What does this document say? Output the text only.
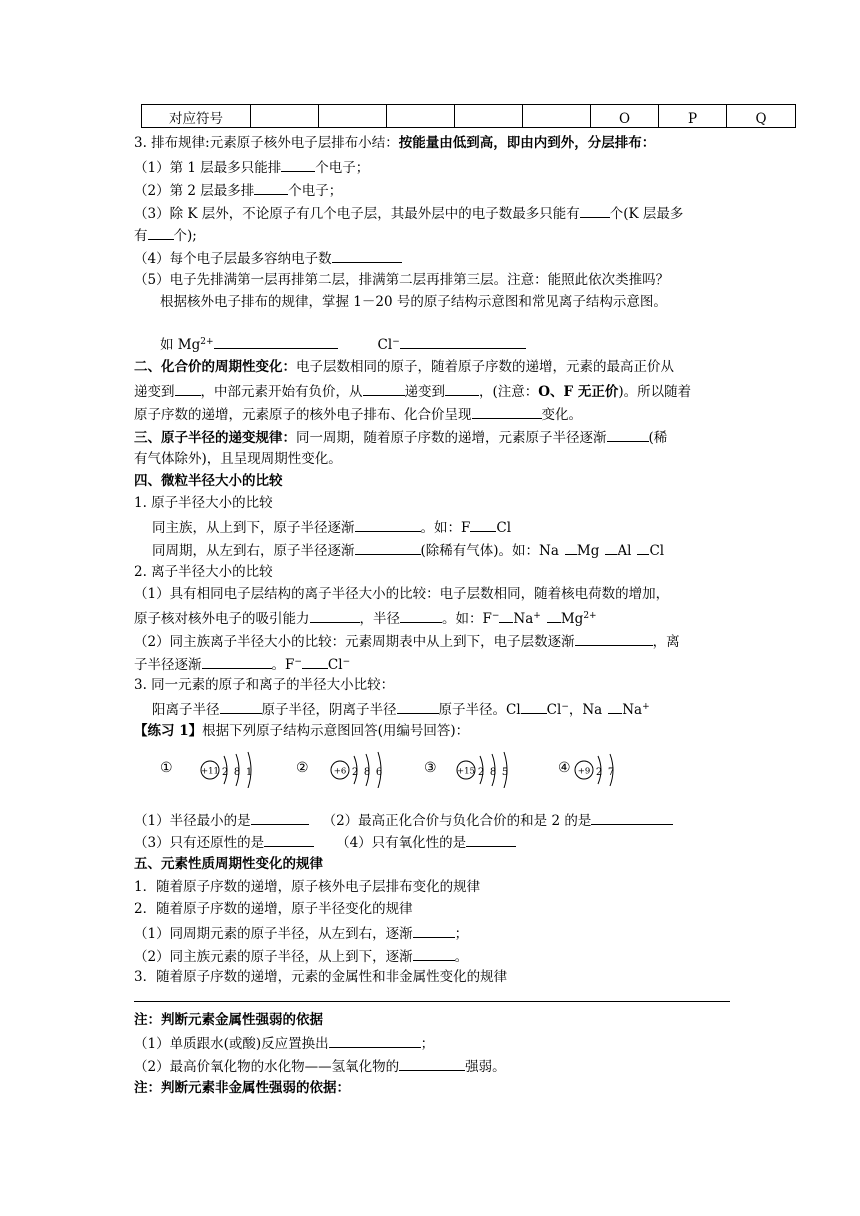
对应符号						O	P	Q
3. 排布规律:元素原子核外电子层排布小结：按能量由低到高，即由内到外，分层排布：
（1）第 1 层最多只能排	个电子；
（2）第 2 层最多排	个电子；
（3）除 K 层外，不论原子有几个电子层，其最外层中的电子数最多只能有 个(K 层最多
有 个);
（4）每个电子层最多容纳电子数
（5）电子先排满第一层再排第二层，排满第二层再排第三层。注意：能照此依次类推吗？
根据核外电子排布的规律，掌握 1－20 号的原子结构示意图和常见离子结构示意图。
如 $Mg^{2+}$	Cl−
二、化合价的周期性变化：电子层数相同的原子，随着原子序数的递增，元素的最高正价从
递变到 ，中部元素开始有负价，从	递变到	，(注意：O、F 无正价)。所以随着
原子序数的递增，元素原子的核外电子排布、化合价呈现	变化。
三、原子半径的递变规律：同一周期，随着原子序数的递增，元素原子半径逐渐	(稀
有气体除外)，且呈现周期性变化。
四、微粒半径大小的比较
1. 原子半径大小的比较
同主族，从上到下，原子半径逐渐	。如：F Cl
同周期，从左到右，原子半径逐渐	(除稀有气体)。如：Na Mg Al Cl
2. 离子半径大小的比较
（1）具有相同电子层结构的离子半径大小的比较：电子层数相同，随着核电荷数的增加，
原子核对核外电子的吸引能力	，半径	。如：F− Na+ $Mg^{2+}$
（2）同主族离子半径大小的比较：元素周期表中从上到下，电子层数逐渐	，离
子半径逐渐	。F− Cl−
3. 同一元素的原子和离子的半径大小比较：
阳离子半径	原子半径，阴离子半径	原子半径。Cl Cl−，Na Na+
【练习 1】根据下列原子结构示意图回答(用编号回答)：
①	+11 2 8 1	②	+6 2 8 6	③ +15 2 8 5	④ +9 2 7
（1）半径最小的是	（2）最高正化合价与负化合价的和是 2 的是
（3）只有还原性的是	（4）只有氧化性的是
五、元素性质周期性变化的规律
1．随着原子序数的递增，原子核外电子层排布变化的规律
2．随着原子序数的递增，原子半径变化的规律
（1）同周期元素的原子半径，从左到右，逐渐	；
（2）同主族元素的原子半径，从上到下，逐渐	。
3．随着原子序数的递增，元素的金属性和非金属性变化的规律
注：判断元素金属性强弱的依据
（1）单质跟水(或酸)反应置换出	；
（2）最高价氧化物的水化物——氢氧化物的	强弱。
注：判断元素非金属性强弱的依据：
